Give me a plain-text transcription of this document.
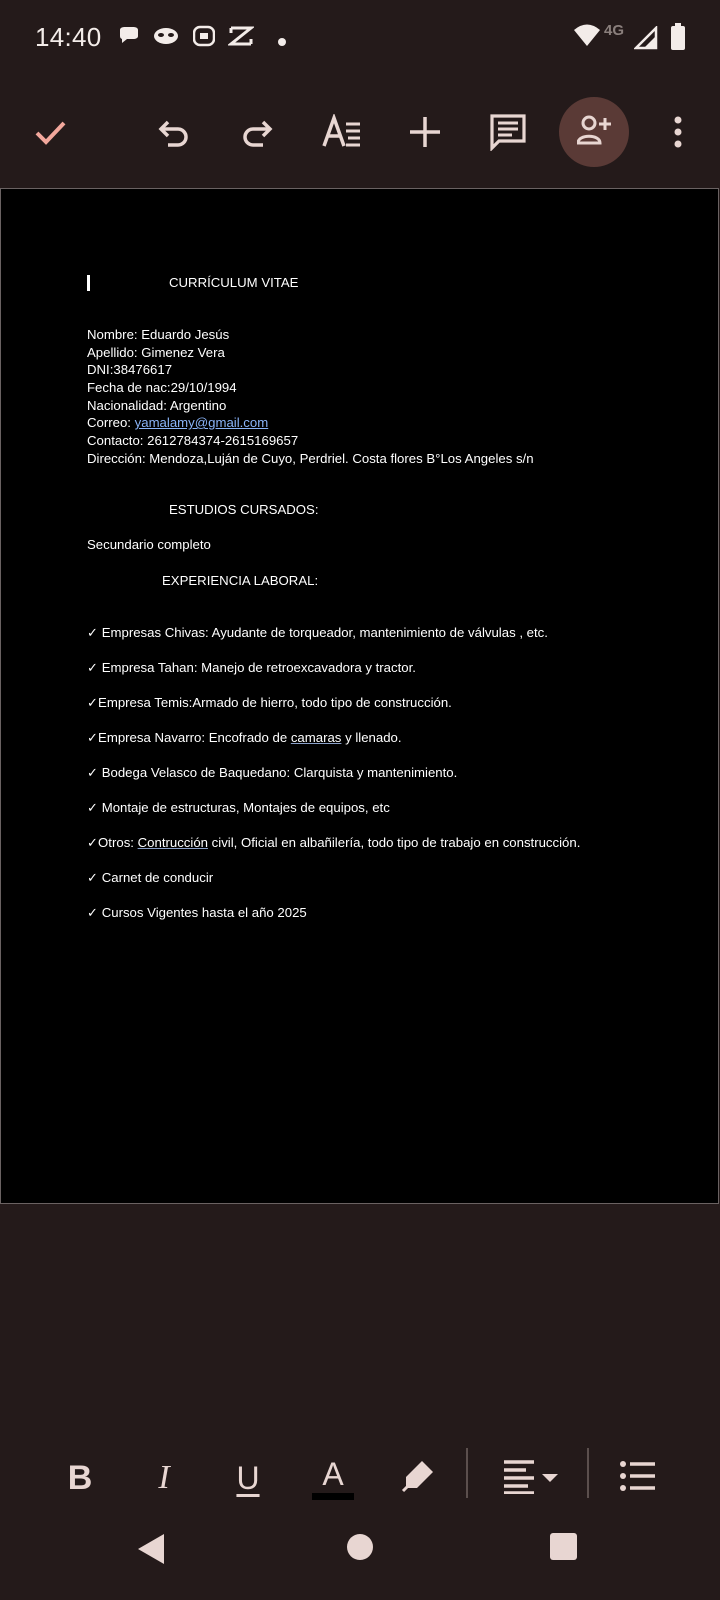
14:40	4G
CURRÍCULUM VITAE
Nombre: Eduardo Jesús
Apellido: Gimenez Vera
DNI:38476617
Fecha de nac:29/10/1994
Nacionalidad: Argentino
Correo: yamalamy@gmail.com
Contacto: 2612784374-2615169657
Dirección: Mendoza,Luján de Cuyo, Perdriel. Costa flores B°Los Angeles s/n
ESTUDIOS CURSADOS:
Secundario completo
EXPERIENCIA LABORAL:
✓ Empresas Chivas: Ayudante de torqueador, mantenimiento de válvulas , etc.
✓ Empresa Tahan: Manejo de retroexcavadora y tractor.
✓Empresa Temis:Armado de hierro, todo tipo de construcción.
✓Empresa Navarro: Encofrado de camaras y llenado.
✓ Bodega Velasco de Baquedano: Clarquista y mantenimiento.
✓ Montaje de estructuras, Montajes de equipos, etc
✓Otros: Contrucción civil, Oficial en albañilería, todo tipo de trabajo en construcción.
✓ Carnet de conducir
✓ Cursos Vigentes hasta el año 2025
B	I	U	A
